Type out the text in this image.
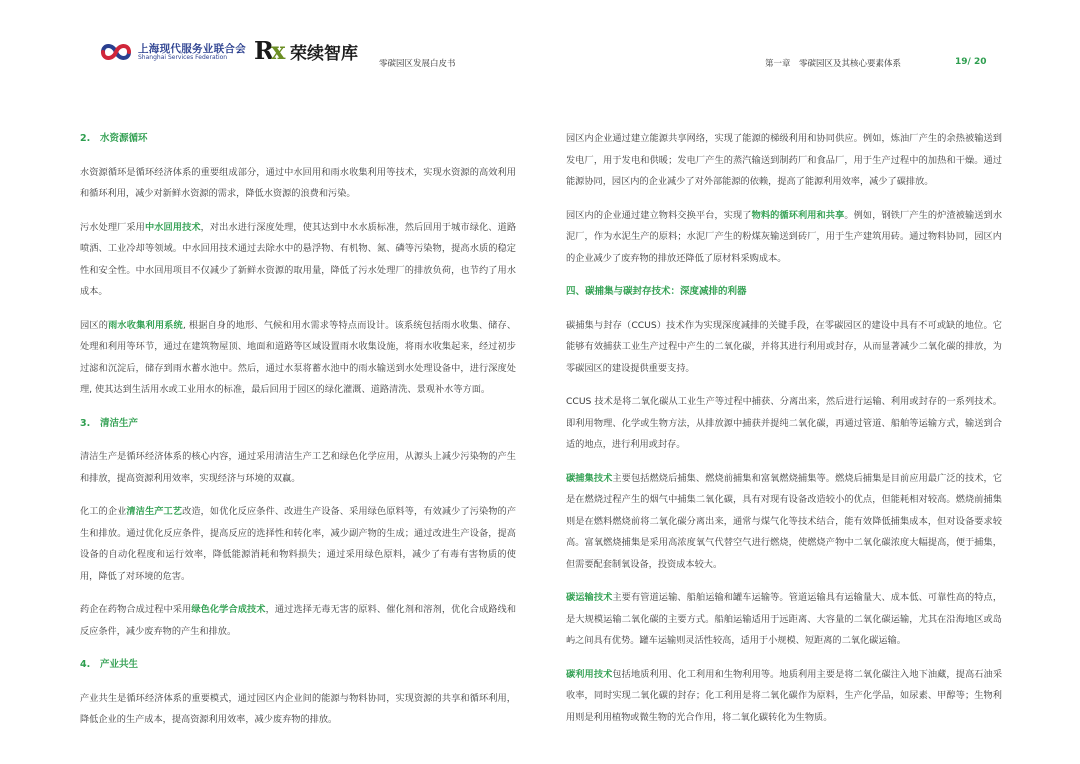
上海现代服务业联合会
Shanghai Services Federation Rx 荣续智库 零碳园区发展白皮书	第一章　零碳园区及其核心要素体系	19/ 20
2. 水资源循环

水资源循环是循环经济体系的重要组成部分，通过中水回用和雨水收集利用等技术，实现水资源的高效利用和循环利用，减少对新鲜水资源的需求，降低水资源的浪费和污染。

污水处理厂采用中水回用技术，对出水进行深度处理，使其达到中水水质标准，然后回用于城市绿化、道路喷洒、工业冷却等领域。中水回用技术通过去除水中的悬浮物、有机物、氮、磷等污染物，提高水质的稳定性和安全性。中水回用项目不仅减少了新鲜水资源的取用量，降低了污水处理厂的排放负荷，也节约了用水成本。

园区的雨水收集利用系统, 根据自身的地形、气候和用水需求等特点而设计。该系统包括雨水收集、储存、处理和利用等环节，通过在建筑物屋顶、地面和道路等区域设置雨水收集设施，将雨水收集起来，经过初步过滤和沉淀后，储存到雨水蓄水池中。然后，通过水泵将蓄水池中的雨水输送到水处理设备中，进行深度处理, 使其达到生活用水或工业用水的标准，最后回用于园区的绿化灌溉、道路清洗、景观补水等方面。

3. 清洁生产

清洁生产是循环经济体系的核心内容，通过采用清洁生产工艺和绿色化学应用，从源头上减少污染物的产生和排放，提高资源利用效率，实现经济与环境的双赢。

化工的企业清洁生产工艺改造，如优化反应条件、改进生产设备、采用绿色原料等，有效减少了污染物的产生和排放。通过优化反应条件，提高反应的选择性和转化率，减少副产物的生成；通过改进生产设备，提高设备的自动化程度和运行效率，降低能源消耗和物料损失；通过采用绿色原料，减少了有毒有害物质的使用，降低了对环境的危害。

药企在药物合成过程中采用绿色化学合成技术，通过选择无毒无害的原料、催化剂和溶剂，优化合成路线和反应条件，减少废弃物的产生和排放。

4. 产业共生

产业共生是循环经济体系的重要模式，通过园区内企业间的能源与物料协同，实现资源的共享和循环利用，降低企业的生产成本，提高资源利用效率，减少废弃物的排放。

园区内企业通过建立能源共享网络，实现了能源的梯级利用和协同供应。例如，炼油厂产生的余热被输送到发电厂，用于发电和供暖；发电厂产生的蒸汽输送到制药厂和食品厂，用于生产过程中的加热和干燥。通过能源协同，园区内的企业减少了对外部能源的依赖，提高了能源利用效率，减少了碳排放。

园区内的企业通过建立物料交换平台，实现了物料的循环利用和共享。例如，钢铁厂产生的炉渣被输送到水泥厂，作为水泥生产的原料；水泥厂产生的粉煤灰输送到砖厂，用于生产建筑用砖。通过物料协同，园区内的企业减少了废弃物的排放还降低了原材料采购成本。

四、碳捕集与碳封存技术：深度减排的利器

碳捕集与封存（CCUS）技术作为实现深度减排的关键手段，在零碳园区的建设中具有不可或缺的地位。它能够有效捕获工业生产过程中产生的二氧化碳，并将其进行利用或封存，从而显著减少二氧化碳的排放，为零碳园区的建设提供重要支持。

CCUS 技术是将二氧化碳从工业生产等过程中捕获、分离出来，然后进行运输、利用或封存的一系列技术。即利用物理、化学或生物方法，从排放源中捕获并提纯二氧化碳，再通过管道、船舶等运输方式，输送到合适的地点，进行利用或封存。

碳捕集技术主要包括燃烧后捕集、燃烧前捕集和富氧燃烧捕集等。燃烧后捕集是目前应用最广泛的技术，它是在燃烧过程产生的烟气中捕集二氧化碳，具有对现有设备改造较小的优点，但能耗相对较高。燃烧前捕集则是在燃料燃烧前将二氧化碳分离出来，通常与煤气化等技术结合，能有效降低捕集成本，但对设备要求较高。富氧燃烧捕集是采用高浓度氧气代替空气进行燃烧，使燃烧产物中二氧化碳浓度大幅提高，便于捕集，但需要配套制氧设备，投资成本较大。

碳运输技术主要有管道运输、船舶运输和罐车运输等。管道运输具有运输量大、成本低、可靠性高的特点，是大规模运输二氧化碳的主要方式。船舶运输适用于远距离、大容量的二氧化碳运输，尤其在沿海地区或岛屿之间具有优势。罐车运输则灵活性较高，适用于小规模、短距离的二氧化碳运输。

碳利用技术包括地质利用、化工利用和生物利用等。地质利用主要是将二氧化碳注入地下油藏，提高石油采收率，同时实现二氧化碳的封存；化工利用是将二氧化碳作为原料，生产化学品，如尿素、甲醇等；生物利用则是利用植物或微生物的光合作用，将二氧化碳转化为生物质。
